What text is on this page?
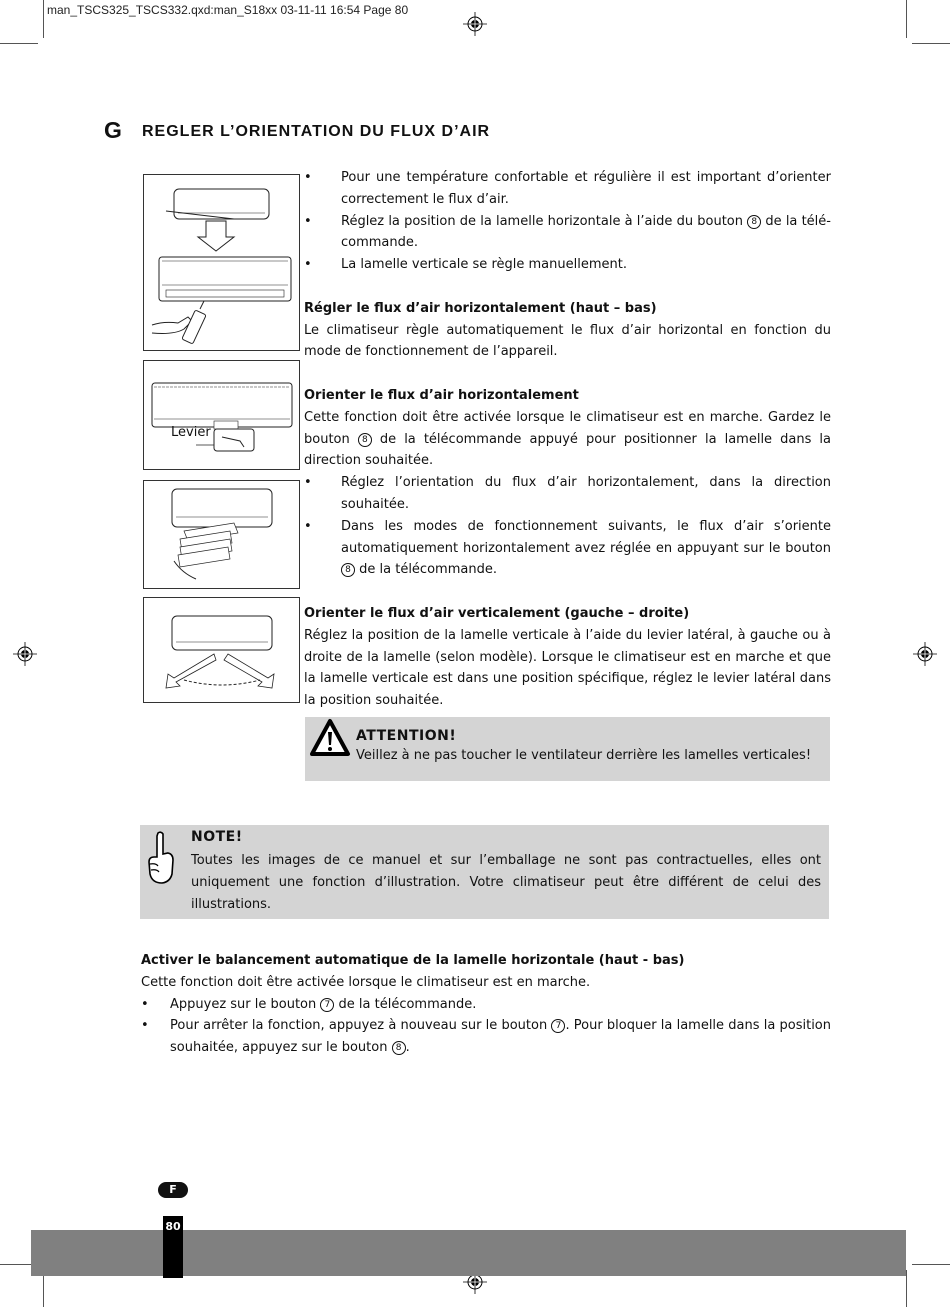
man_TSCS325_TSCS332.qxd:man_S18xx 03-11-11 16:54 Page 80
G REGLER L’ORIENTATION DU FLUX D’AIR
Levier
•	Pour une température confortable et régulière il est important d’orienter correctement le flux d’air.
•	Réglez la position de la lamelle horizontale à l’aide du bouton 8 de la télécommande.
•	La lamelle verticale se règle manuellement.
Régler le flux d’air horizontalement (haut – bas)
Le climatiseur règle automatiquement le flux d’air horizontal en fonction du mode de fonctionnement de l’appareil.
Orienter le flux d’air horizontalement
Cette fonction doit être activée lorsque le climatiseur est en marche. Gardez le bouton 8 de la télécommande appuyé pour positionner la lamelle dans la direction souhaitée.
•	Réglez l’orientation du flux d’air horizontalement, dans la direction souhaitée.
•	Dans les modes de fonctionnement suivants, le flux d’air s’oriente automatiquement horizontalement avez réglée en appuyant sur le bouton 8 de la télécommande.
Orienter le flux d’air verticalement (gauche – droite)
Réglez la position de la lamelle verticale à l’aide du levier latéral, à gauche ou à droite de la lamelle (selon modèle). Lorsque le climatiseur est en marche et que la lamelle verticale est dans une position spécifique, réglez le levier latéral dans la position souhaitée.
ATTENTION!
Veillez à ne pas toucher le ventilateur derrière les lamelles verticales!
NOTE!
Toutes les images de ce manuel et sur l’emballage ne sont pas contractuelles, elles ont uniquement une fonction d’illustration. Votre climatiseur peut être différent de celui des illustrations.
Activer le balancement automatique de la lamelle horizontale (haut - bas)
Cette fonction doit être activée lorsque le climatiseur est en marche.
•	Appuyez sur le bouton 7 de la télécommande.
•	Pour arrêter la fonction, appuyez à nouveau sur le bouton 7 . Pour bloquer la lamelle dans la position souhaitée, appuyez sur le bouton 8 .
F
80
